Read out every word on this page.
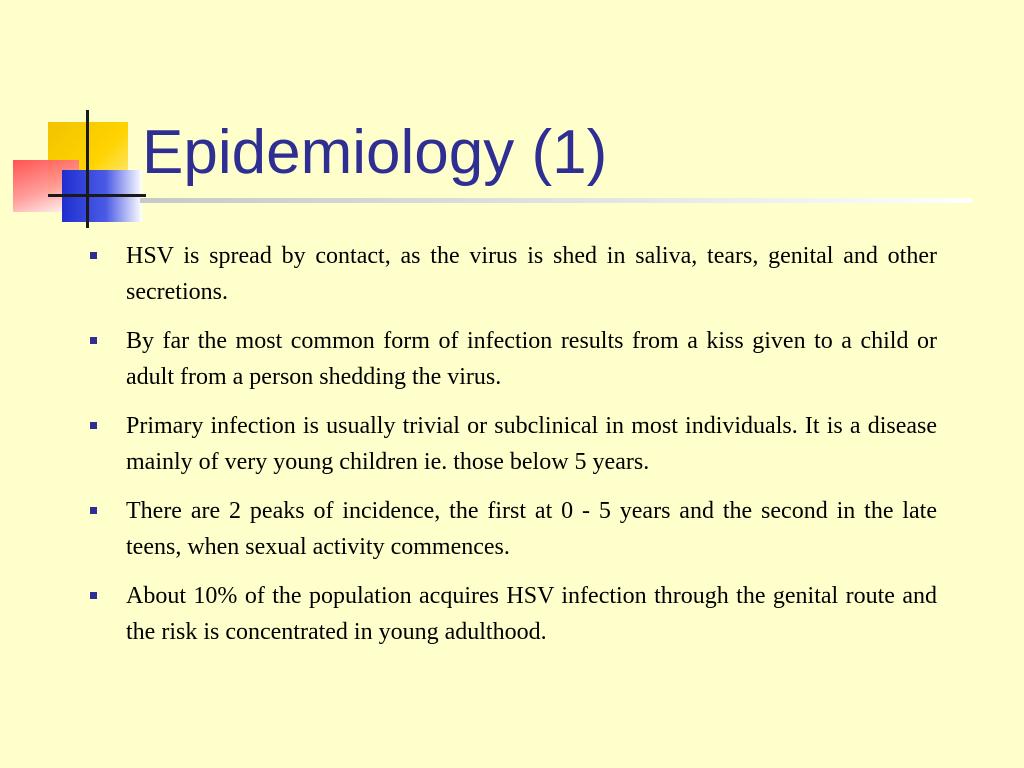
Epidemiology (1)
HSV is spread by contact, as the virus is shed in saliva, tears, genital and other secretions.
By far the most common form of infection results from a kiss given to a child or adult from a person shedding the virus.
Primary infection is usually trivial or subclinical in most individuals. It is a disease mainly of very young children ie. those below 5 years.
There are 2 peaks of incidence, the first at 0 - 5 years and the second in the late teens, when sexual activity commences.
About 10% of the population acquires HSV infection through the genital route and the risk is concentrated in young adulthood.
